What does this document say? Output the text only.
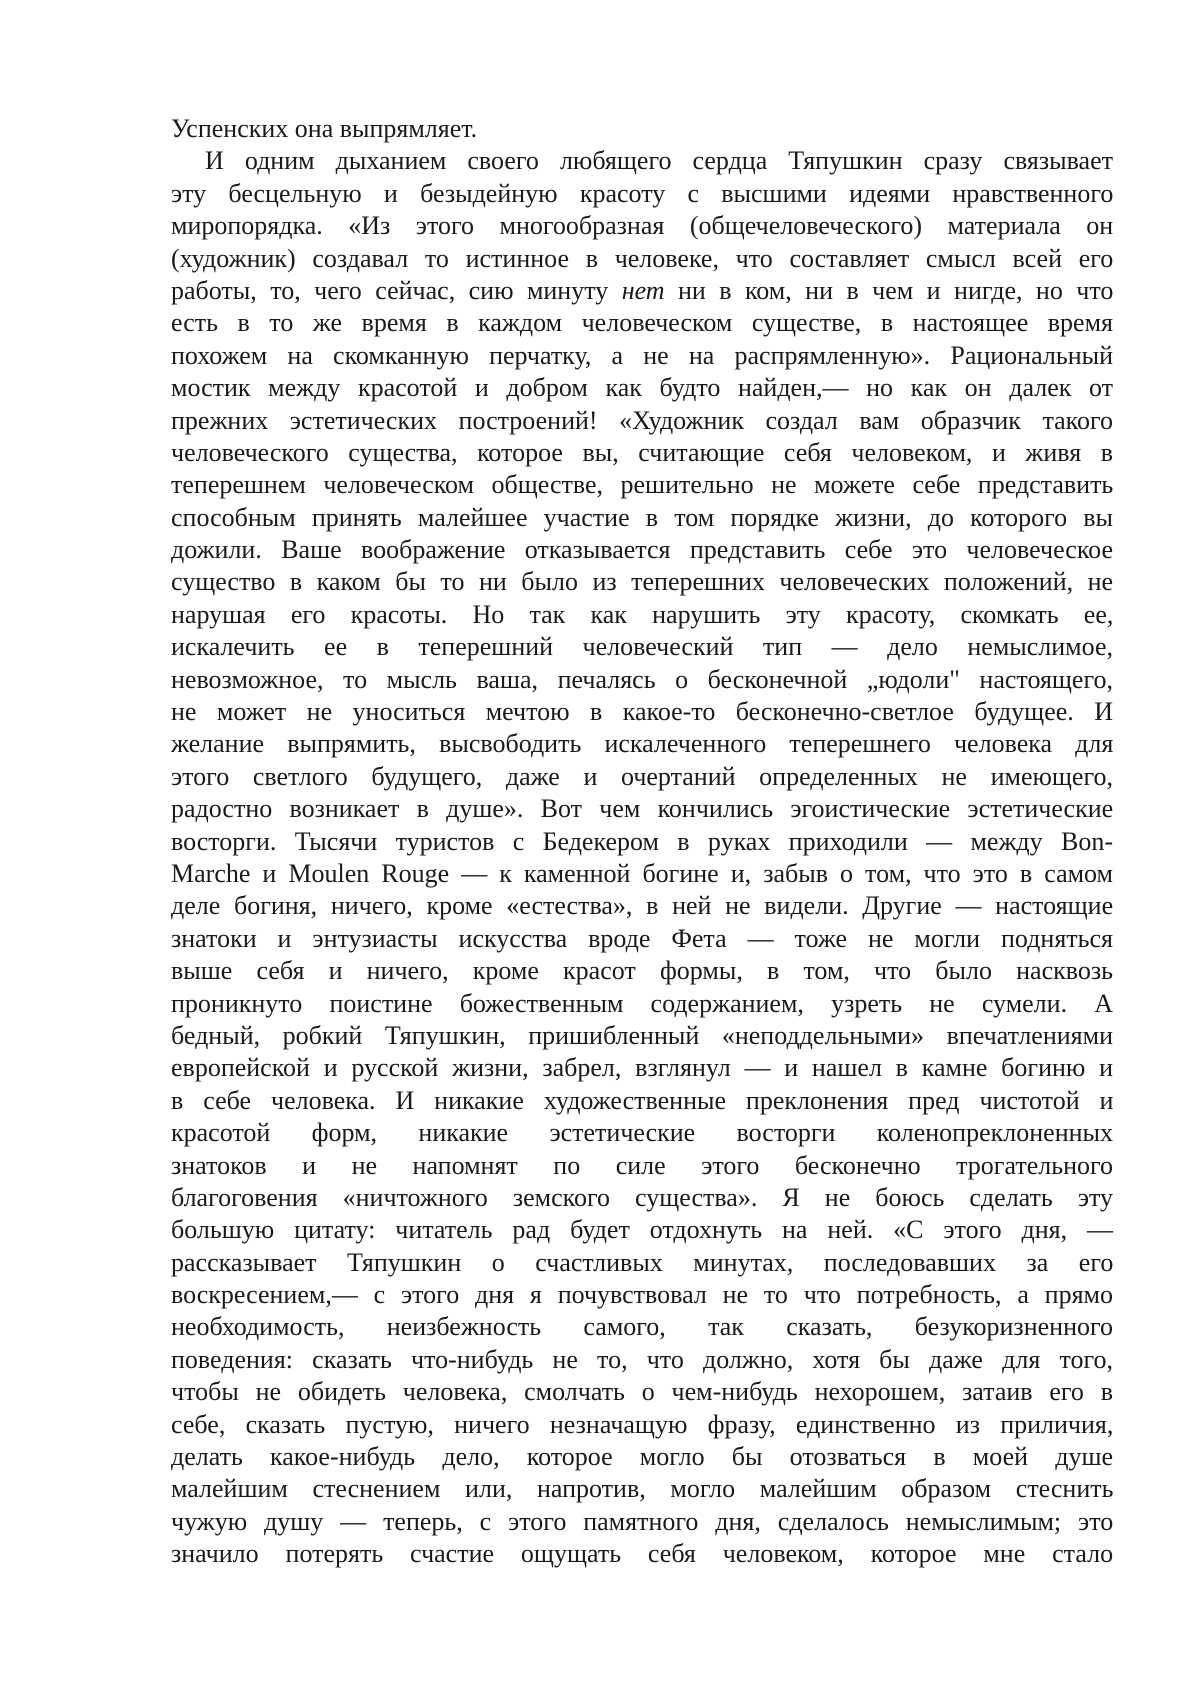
Успенских она выпрямляет.
И одним дыханием своего любящего сердца Тяпушкин сразу связывает
эту бесцельную и безыдейную красоту с высшими идеями нравственного
миропорядка. «Из этого многообразная (общечеловеческого) материала он
(художник) создавал то истинное в человеке, что составляет смысл всей его
работы, то, чего сейчас, сию минуту нет ни в ком, ни в чем и нигде, но что
есть в то же время в каждом человеческом существе, в настоящее время
похожем на скомканную перчатку, а не на распрямленную». Рациональный
мостик между красотой и добром как будто найден,— но как он далек от
прежних эстетических построений! «Художник создал вам образчик такого
человеческого существа, которое вы, считающие себя человеком, и живя в
теперешнем человеческом обществе, решительно не можете себе представить
способным принять малейшее участие в том порядке жизни, до которого вы
дожили. Ваше воображение отказывается представить себе это человеческое
существо в каком бы то ни было из теперешних человеческих положений, не
нарушая его красоты. Но так как нарушить эту красоту, скомкать ее,
искалечить ее в теперешний человеческий тип — дело немыслимое,
невозможное, то мысль ваша, печалясь о бесконечной „юдоли" настоящего,
не может не уноситься мечтою в какое-то бесконечно-светлое будущее. И
желание выпрямить, высвободить искалеченного теперешнего человека для
этого светлого будущего, даже и очертаний определенных не имеющего,
радостно возникает в душе». Вот чем кончились эгоистические эстетические
восторги. Тысячи туристов с Бедекером в руках приходили — между Bon-
Marche и Moulen Rouge — к каменной богине и, забыв о том, что это в самом
деле богиня, ничего, кроме «естества», в ней не видели. Другие — настоящие
знатоки и энтузиасты искусства вроде Фета — тоже не могли подняться
выше себя и ничего, кроме красот формы, в том, что было насквозь
проникнуто поистине божественным содержанием, узреть не сумели. А
бедный, робкий Тяпушкин, пришибленный «неподдельными» впечатлениями
европейской и русской жизни, забрел, взглянул — и нашел в камне богиню и
в себе человека. И никакие художественные преклонения пред чистотой и
красотой форм, никакие эстетические восторги коленопреклоненных
знатоков и не напомнят по силе этого бесконечно трогательного
благоговения «ничтожного земского существа». Я не боюсь сделать эту
большую цитату: читатель рад будет отдохнуть на ней. «С этого дня, —
рассказывает Тяпушкин о счастливых минутах, последовавших за его
воскресением,— с этого дня я почувствовал не то что потребность, а прямо
необходимость, неизбежность самого, так сказать, безукоризненного
поведения: сказать что-нибудь не то, что должно, хотя бы даже для того,
чтобы не обидеть человека, смолчать о чем-нибудь нехорошем, затаив его в
себе, сказать пустую, ничего незначащую фразу, единственно из приличия,
делать какое-нибудь дело, которое могло бы отозваться в моей душе
малейшим стеснением или, напротив, могло малейшим образом стеснить
чужую душу — теперь, с этого памятного дня, сделалось немыслимым; это
значило потерять счастие ощущать себя человеком, которое мне стало
